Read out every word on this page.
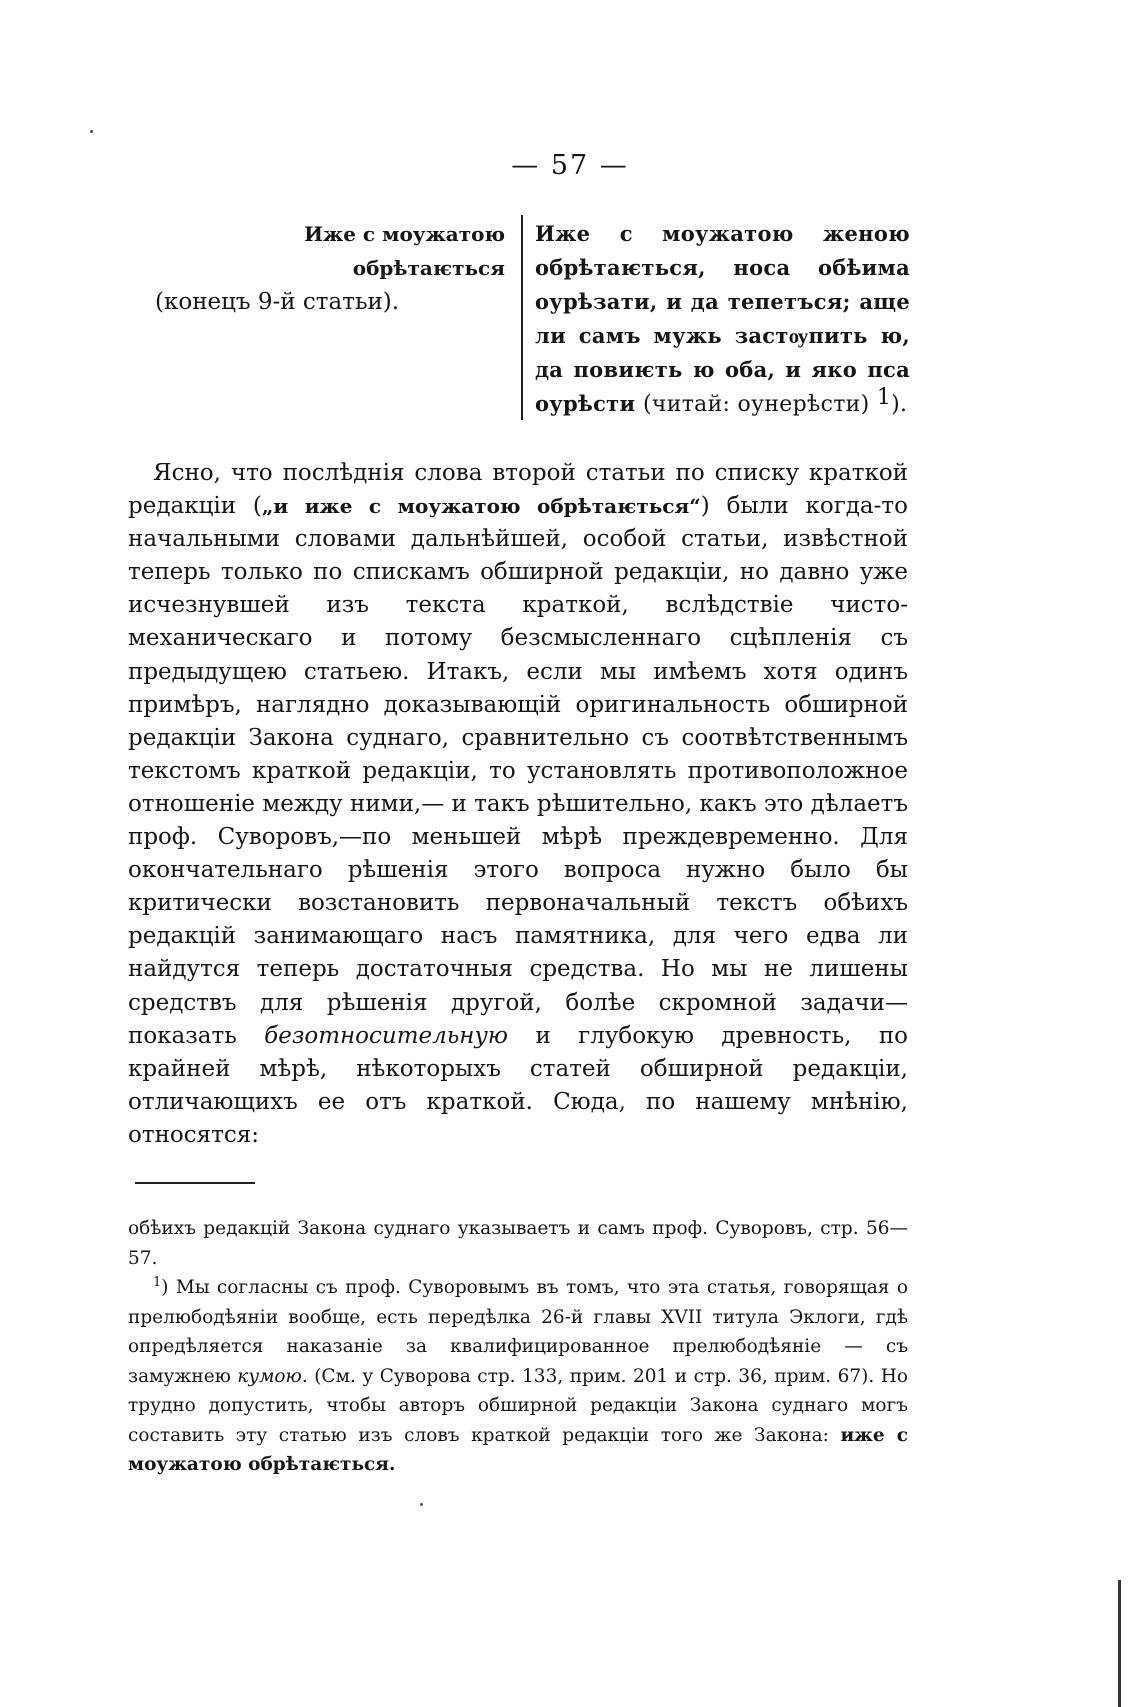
— 57 —
Иже с моужатою обрѣтаѥться
(конецъ 9-й статьи).
Иже с моужатою женою обрѣтаѥться, носа обѣима оурѣзати, и да тепетъся; аще ли самъ мужь застѹпить ю, да повиѥть ю оба, и яко пса оурѣсти (читай: оунерѣсти) $^1$).

Ясно, что послѣднія слова второй статьи по списку краткой редакціи („и иже с моужатою обрѣтаѥться“) были когда-то начальными словами дальнѣйшей, особой статьи, извѣстной теперь только по спискамъ обширной редакціи, но давно уже исчезнувшей изъ текста краткой, вслѣдствіе чисто-механическаго и потому безсмысленнаго сцѣпленія съ предыдущею статьею. Итакъ, если мы имѣемъ хотя одинъ примѣръ, наглядно доказывающій оригинальность обширной редакціи Закона суднаго, сравнительно съ соотвѣтственнымъ текстомъ краткой редакціи, то установлять противоположное отношеніе между ними,— и такъ рѣшительно, какъ это дѣлаетъ проф. Суворовъ,—по меньшей мѣрѣ преждевременно. Для окончательнаго рѣшенія этого вопроса нужно было бы критически возстановить первоначальный текстъ обѣихъ редакцій занимающаго насъ памятника, для чего едва ли найдутся теперь достаточныя средства. Но мы не лишены средствъ для рѣшенія другой, болѣе скромной задачи—показать безотносительную и глубокую древность, по крайней мѣрѣ, нѣкоторыхъ статей обширной редакціи, отличающихъ ее отъ краткой. Сюда, по нашему мнѣнію, относятся:

обѣихъ редакцій Закона суднаго указываетъ и самъ проф. Суворовъ, стр. 56—57.

$^1$) Мы согласны съ проф. Суворовымъ въ томъ, что эта статья, говорящая о прелюбодѣяніи вообще, есть передѣлка 26-й главы XVII титула Эклоги, гдѣ опредѣляется наказаніе за квалифицированное прелюбодѣяніе — съ замужнею кумою. (См. у Суворова стр. 133, прим. 201 и стр. 36, прим. 67). Но трудно допустить, чтобы авторъ обширной редакціи Закона суднаго могъ составить эту статью изъ словъ краткой редакціи того же Закона: иже с моужатою обрѣтаѥться.
